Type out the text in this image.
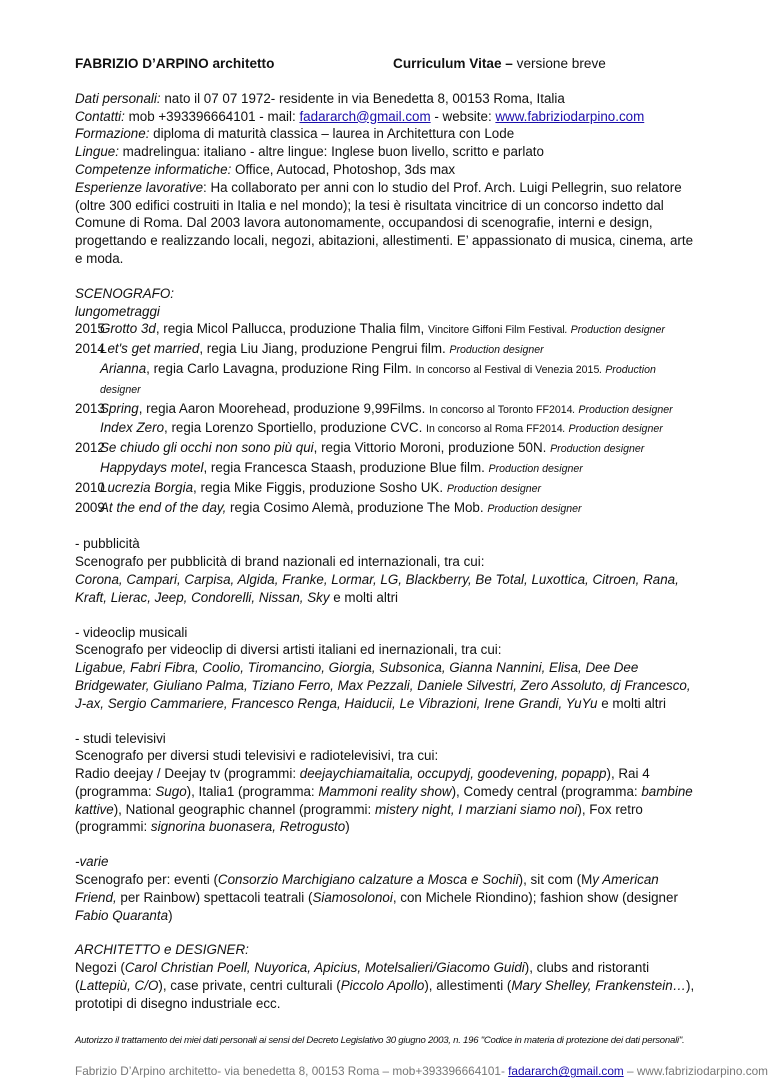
FABRIZIO D’ARPINO architetto	Curriculum Vitae – versione breve
Dati personali: nato il 07 07 1972- residente in via Benedetta 8, 00153 Roma, Italia
Contatti: mob +393396664101 - mail: fadararch@gmail.com - website: www.fabriziodarpino.com
Formazione: diploma di maturità classica – laurea in Architettura con Lode
Lingue: madrelingua: italiano - altre lingue: Inglese buon livello, scritto e parlato
Competenze informatiche: Office, Autocad, Photoshop, 3ds max
Esperienze lavorative: Ha collaborato per anni con lo studio del Prof. Arch. Luigi Pellegrin, suo relatore (oltre 300 edifici costruiti in Italia e nel mondo); la tesi è risultata vincitrice di un concorso indetto dal Comune di Roma. Dal 2003 lavora autonomamente, occupandosi di scenografie, interni e design, progettando e realizzando locali, negozi, abitazioni, allestimenti. E’ appassionato di musica, cinema, arte e moda.
SCENOGRAFO:
lungometraggi
2015
Grotto 3d, regia Micol Pallucca, produzione Thalia film, Vincitore Giffoni Film Festival. Production designer
2014
Let's get married, regia Liu Jiang, produzione Pengrui film. Production designer
Arianna, regia Carlo Lavagna, produzione Ring Film. In concorso al Festival di Venezia 2015. Production designer
2013
Spring, regia Aaron Moorehead, produzione 9,99Films. In concorso al Toronto FF2014. Production designer
Index Zero, regia Lorenzo Sportiello, produzione CVC. In concorso al Roma FF2014. Production designer
2012
Se chiudo gli occhi non sono più qui, regia Vittorio Moroni, produzione 50N. Production designer
Happydays motel, regia Francesca Staash, produzione Blue film. Production designer
2010
Lucrezia Borgia, regia Mike Figgis, produzione Sosho UK. Production designer
2009
At the end of the day, regia Cosimo Alemà, produzione The Mob. Production designer
- pubblicità
Scenografo per pubblicità di brand nazionali ed internazionali, tra cui:
Corona, Campari, Carpisa, Algida, Franke, Lormar, LG, Blackberry, Be Total, Luxottica, Citroen, Rana, Kraft, Lierac, Jeep, Condorelli, Nissan, Sky e molti altri
- videoclip musicali
Scenografo per videoclip di diversi artisti italiani ed inernazionali, tra cui:
Ligabue, Fabri Fibra, Coolio, Tiromancino, Giorgia, Subsonica, Gianna Nannini, Elisa, Dee Dee Bridgewater, Giuliano Palma, Tiziano Ferro, Max Pezzali, Daniele Silvestri, Zero Assoluto, dj Francesco, J-ax, Sergio Cammariere, Francesco Renga, Haiducii, Le Vibrazioni, Irene Grandi, YuYu e molti altri
- studi televisivi
Scenografo per diversi studi televisivi e radiotelevisivi, tra cui:
Radio deejay / Deejay tv (programmi: deejaychiamaitalia, occupydj, goodevening, popapp), Rai 4 (programma: Sugo), Italia1 (programma: Mammoni reality show), Comedy central (programma: bambine kattive), National geographic channel (programmi: mistery night, I marziani siamo noi), Fox retro (programmi: signorina buonasera, Retrogusto)
-varie
Scenografo per: eventi (Consorzio Marchigiano calzature a Mosca e Sochii), sit com (My American Friend, per Rainbow) spettacoli teatrali (Siamosolonoi, con Michele Riondino); fashion show (designer Fabio Quaranta)
ARCHITETTO e DESIGNER:
Negozi (Carol Christian Poell, Nuyorica, Apicius, Motelsalieri/Giacomo Guidi), clubs and ristoranti (Lattepiù, C/O), case private, centri culturali (Piccolo Apollo), allestimenti (Mary Shelley, Frankenstein…), prototipi di disegno industriale ecc.
Autorizzo il trattamento dei miei dati personali ai sensi del Decreto Legislativo 30 giugno 2003, n. 196 "Codice in materia di protezione dei dati personali".
Fabrizio D’Arpino architetto- via benedetta 8, 00153 Roma – mob+393396664101- fadararch@gmail.com – www.fabriziodarpino.com
